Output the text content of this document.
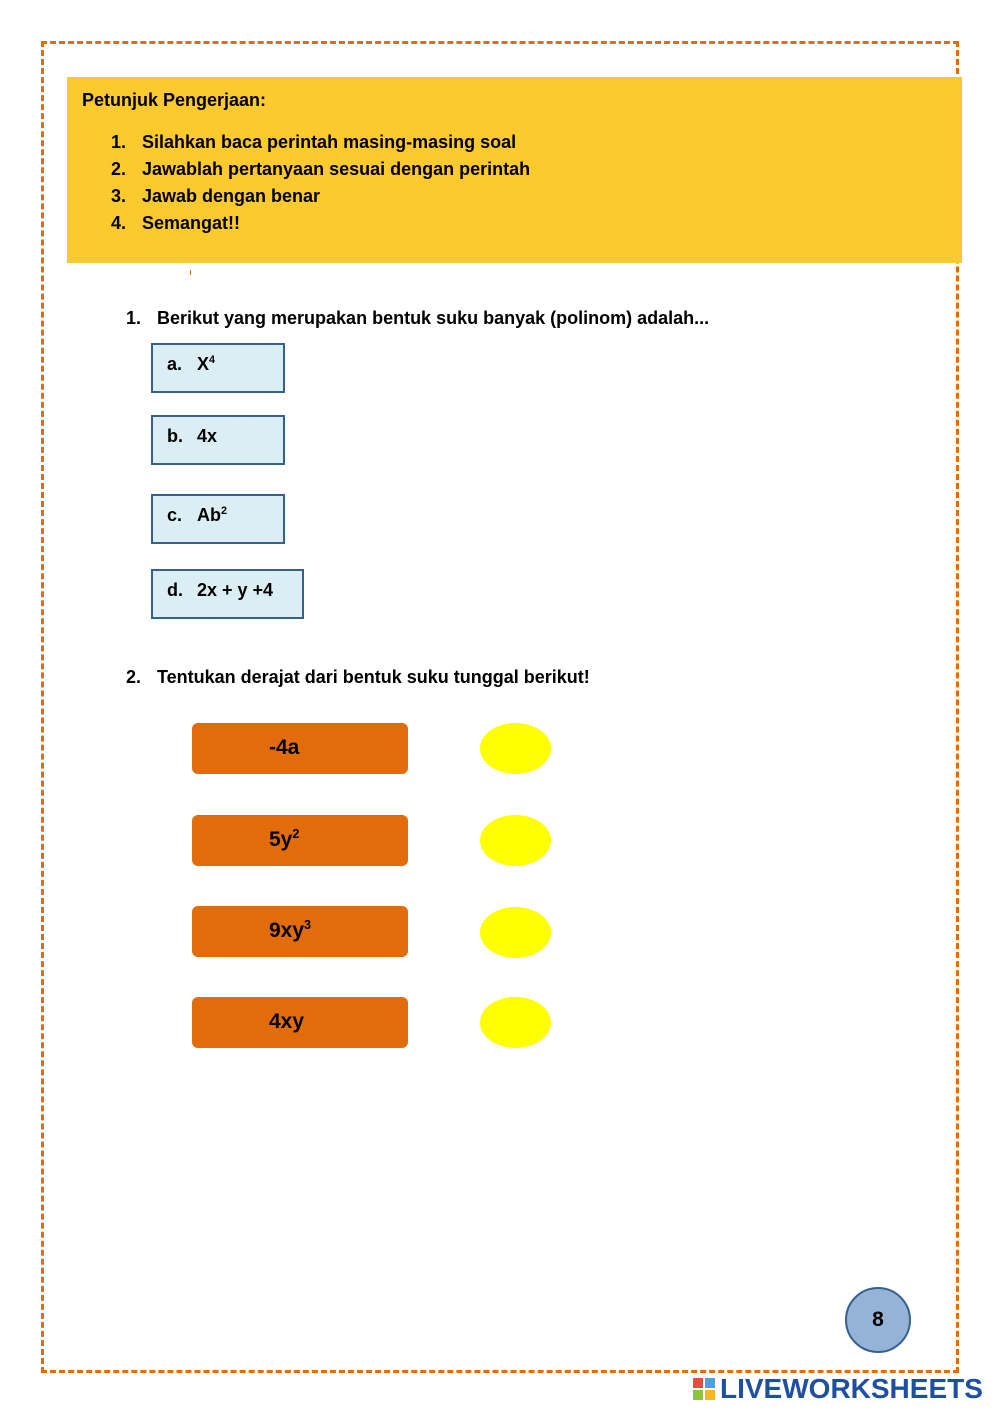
Petunjuk Pengerjaan:
1. Silahkan baca perintah masing-masing soal
2. Jawablah pertanyaan sesuai dengan perintah
3. Jawab dengan benar
4. Semangat!!
1. Berikut yang merupakan bentuk suku banyak (polinom) adalah...
a. $X^4$
b. 4x
c. Ab$^2$
d. 2x + y +4
2. Tentukan derajat dari bentuk suku tunggal berikut!
-4a
$5y^2$
$9xy^3$
4xy
8
LIVEWORKSHEETS
